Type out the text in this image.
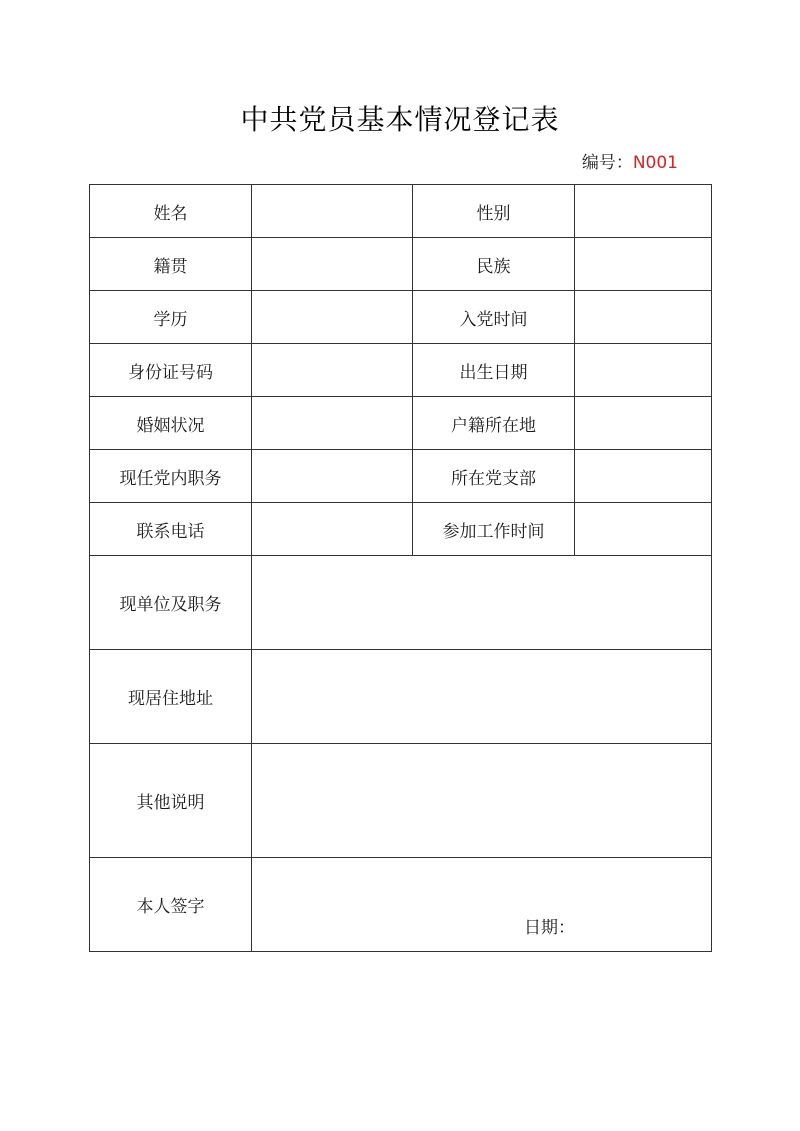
中共党员基本情况登记表
编号：N001
姓名		性别	
籍贯		民族	
学历		入党时间	
身份证号码		出生日期	
婚姻状况		户籍所在地	
现任党内职务		所在党支部	
联系电话		参加工作时间	
现单位及职务			
现居住地址			
其他说明			
本人签字	日期：		
